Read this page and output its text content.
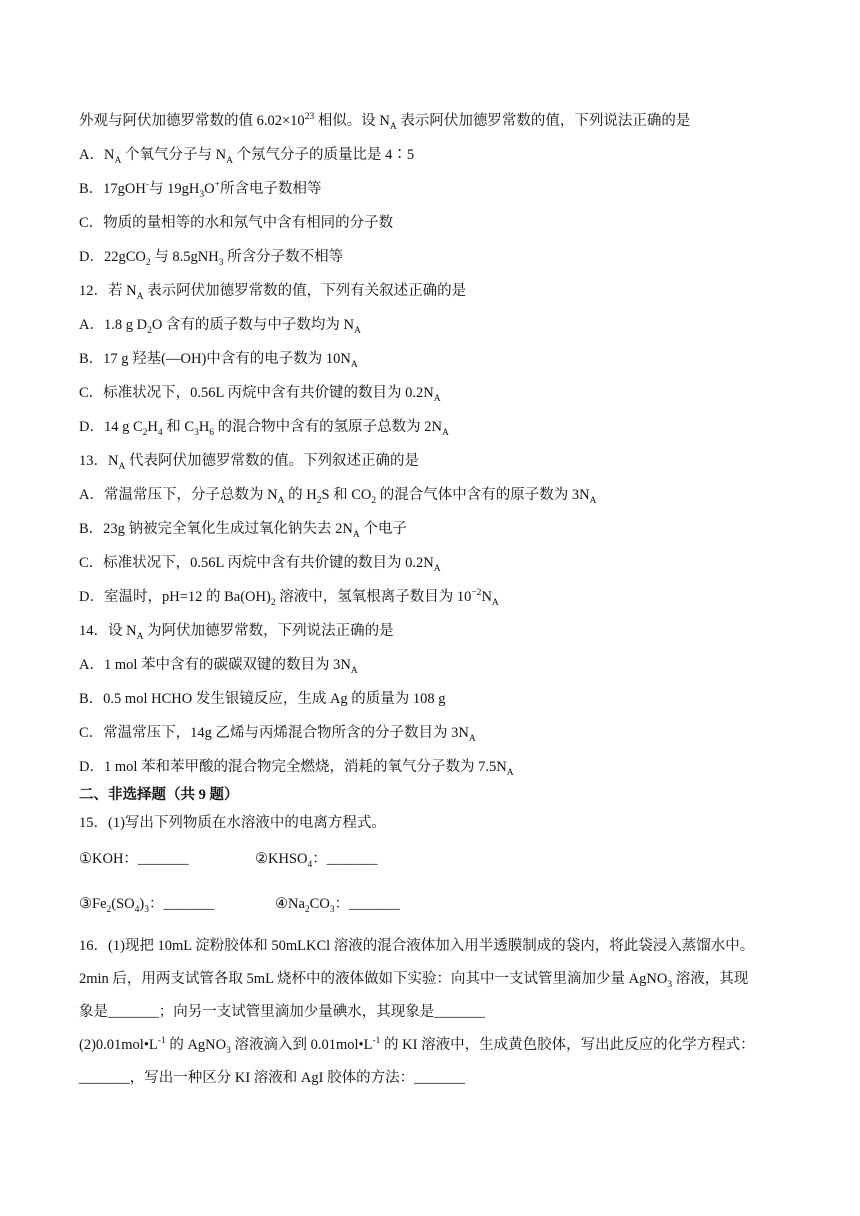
外观与阿伏加德罗常数的值 $6.02\times 10^{23}$ 相似。设 $N_A$ 表示阿伏加德罗常数的值，下列说法正确的是
A．$N_A$ 个氧气分子与 $N_A$ 个氖气分子的质量比是 4∶5
B．17gOH-与 $19gH_3O^+$所含电子数相等
C．物质的量相等的水和氖气中含有相同的分子数
D．22gCO$_2$ 与 8.5gNH$_3$ 所含分子数不相等
12．若 $N_A$ 表示阿伏加德罗常数的值，下列有关叙述正确的是
A．1.8 g $D_2O$ 含有的质子数与中子数均为 $N_A$
B．17 g 羟基(—OH)中含有的电子数为 $10N_A$
C．标准状况下，0.56L 丙烷中含有共价键的数目为 $0.2N_A$
D．14 g $C_2H_4$ 和 $C_3H_6$ 的混合物中含有的氢原子总数为 $2N_A$
13．$N_A$ 代表阿伏加德罗常数的值。下列叙述正确的是
A．常温常压下，分子总数为 $N_A$ 的 $H_2S$ 和 $CO_2$ 的混合气体中含有的原子数为 $3N_A$
B．23g 钠被完全氧化生成过氧化钠失去 $2N_A$ 个电子
C．标准状况下，0.56L 丙烷中含有共价键的数目为 $0.2N_A$
D．室温时，pH=12 的 $Ba(OH)_2$ 溶液中，氢氧根离子数目为 $10^{-2}N_A$
14．设 $N_A$ 为阿伏加德罗常数，下列说法正确的是
A．1 mol 苯中含有的碳碳双键的数目为 $3N_A$
B．0.5 mol HCHO 发生银镜反应，生成 Ag 的质量为 108 g
C．常温常压下，14g 乙烯与丙烯混合物所含的分子数目为 $3N_A$
D．1 mol 苯和苯甲酸的混合物完全燃烧，消耗的氧气分子数为 $7.5N_A$
二、非选择题（共 9 题）
15．(1)写出下列物质在水溶液中的电离方程式。
①KOH：_______	$②KHSO_4$：_______
$③Fe_2(SO_4)_3$：_______	$④Na_2CO_3$：_______
16．(1)现把 10mL 淀粉胶体和 50mLKCl 溶液的混合液体加入用半透膜制成的袋内，将此袋浸入蒸馏水中。
2min 后，用两支试管各取 5mL 烧杯中的液体做如下实验：向其中一支试管里滴加少量 AgNO$_3$ 溶液，其现
象是_______；向另一支试管里滴加少量碘水，其现象是_______
$(2)0.01mol•L^{-1}$ 的 AgNO$_3$ 溶液滴入到 $0.01mol•L^{-1}$ 的 KI 溶液中，生成黄色胶体，写出此反应的化学方程式：
_______，写出一种区分 KI 溶液和 AgI 胶体的方法：_______
